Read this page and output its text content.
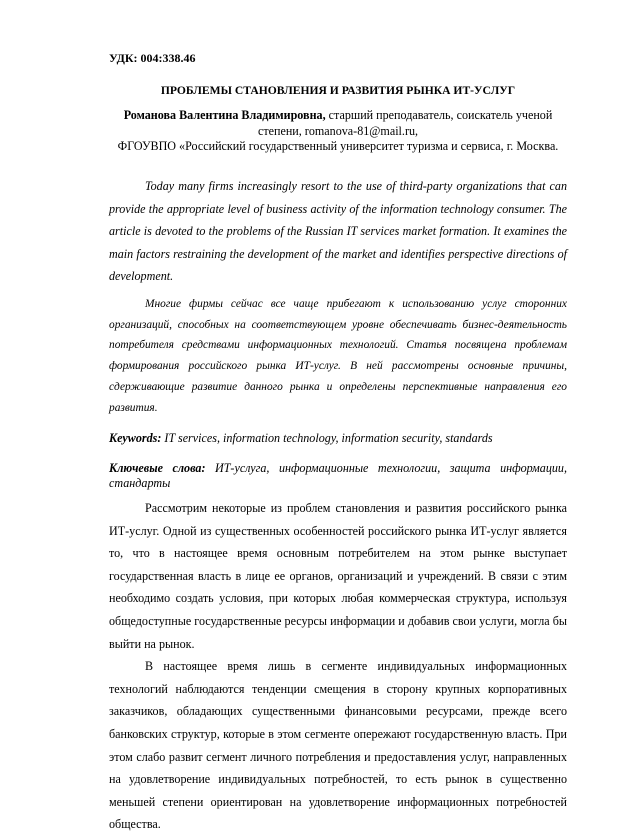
УДК: 004:338.46
ПРОБЛЕМЫ СТАНОВЛЕНИЯ И РАЗВИТИЯ РЫНКА ИТ-УСЛУГ
Романова Валентина Владимировна, старший преподаватель, соискатель ученой степени, romanova-81@mail.ru,
ФГОУВПО «Российский государственный университет туризма и сервиса, г. Москва.
Today many firms increasingly resort to the use of third-party organizations that can provide the appropriate level of business activity of the information technology consumer. The article is devoted to the problems of the Russian IT services market formation. It examines the main factors restraining the development of the market and identifies perspective directions of development.
Многие фирмы сейчас все чаще прибегают к использованию услуг сторонних организаций, способных на соответствующем уровне обеспечивать бизнес-деятельность потребителя средствами информационных технологий. Статья посвящена проблемам формирования российского рынка ИТ-услуг. В ней рассмотрены основные причины, сдерживающие развитие данного рынка и определены перспективные направления его развития.
Keywords: IT services, information technology, information security, standards
Ключевые слова: ИТ-услуга, информационные технологии, защита информации, стандарты

Рассмотрим некоторые из проблем становления и развития российского рынка ИТ-услуг. Одной из существенных особенностей российского рынка ИТ-услуг является то, что в настоящее время основным потребителем на этом рынке выступает государственная власть в лице ее органов, организаций и учреждений. В связи с этим необходимо создать условия, при которых любая коммерческая структура, используя общедоступные государственные ресурсы информации и добавив свои услуги, могла бы выйти на рынок.

В настоящее время лишь в сегменте индивидуальных информационных технологий наблюдаются тенденции смещения в сторону крупных корпоративных заказчиков, обладающих существенными финансовыми ресурсами, прежде всего банковских структур, которые в этом сегменте опережают государственную власть. При этом слабо развит сегмент личного потребления и предоставления услуг, направленных на удовлетворение индивидуальных потребностей, то есть рынок в существенно меньшей степени ориентирован на удовлетворение информационных потребностей общества.
